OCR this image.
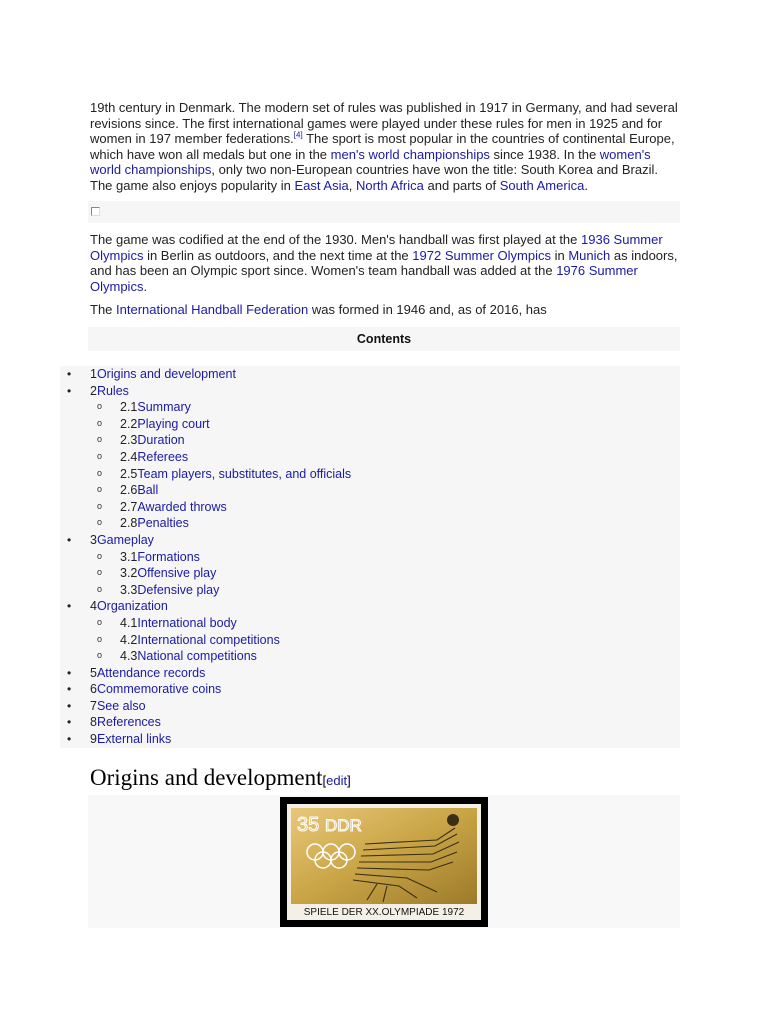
19th century in Denmark. The modern set of rules was published in 1917 in Germany, and had several revisions since. The first international games were played under these rules for men in 1925 and for women in 197 member federations.[4] The sport is most popular in the countries of continental Europe, which have won all medals but one in the men's world championships since 1938. In the women's world championships, only two non-European countries have won the title: South Korea and Brazil. The game also enjoys popularity in East Asia, North Africa and parts of South America.

The game was codified at the end of the 1930. Men's handball was first played at the 1936 Summer Olympics in Berlin as outdoors, and the next time at the 1972 Summer Olympics in Munich as indoors, and has been an Olympic sport since. Women's team handball was added at the 1976 Summer Olympics.

The International Handball Federation was formed in 1946 and, as of 2016, has

Contents
• 1Origins and development
• 2Rules
o 2.1Summary
o 2.2Playing court
o 2.3Duration
o 2.4Referees
o 2.5Team players, substitutes, and officials
o 2.6Ball
o 2.7Awarded throws
o 2.8Penalties
• 3Gameplay
o 3.1Formations
o 3.2Offensive play
o 3.3Defensive play
• 4Organization
o 4.1International body
o 4.2International competitions
o 4.3National competitions
• 5Attendance records
• 6Commemorative coins
• 7See also
• 8References
• 9External links
Origins and development[edit]
35 DDR
SPIELE DER XX.OLYMPIADE 1972
